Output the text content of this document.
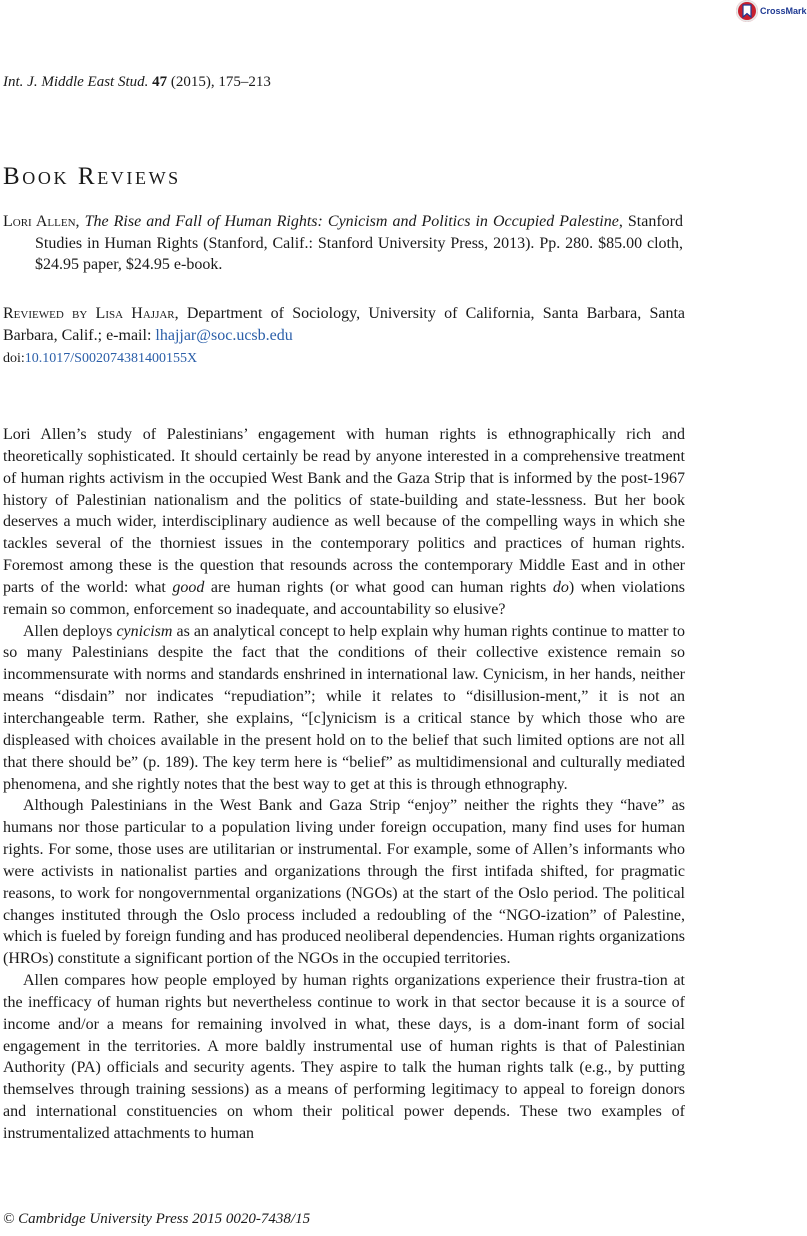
CrossMark
Int. J. Middle East Stud. 47 (2015), 175–213
Book Reviews
Lori Allen, The Rise and Fall of Human Rights: Cynicism and Politics in Occupied Palestine, Stanford Studies in Human Rights (Stanford, Calif.: Stanford University Press, 2013). Pp. 280. $85.00 cloth, $24.95 paper, $24.95 e-book.
Reviewed by Lisa Hajjar, Department of Sociology, University of California, Santa Barbara, Santa Barbara, Calif.; e-mail: lhajjar@soc.ucsb.edu
doi:10.1017/S002074381400155X

Lori Allen’s study of Palestinians’ engagement with human rights is ethnographically rich and theoretically sophisticated. It should certainly be read by anyone interested in a comprehensive treatment of human rights activism in the occupied West Bank and the Gaza Strip that is informed by the post-1967 history of Palestinian nationalism and the politics of state-building and state-lessness. But her book deserves a much wider, interdisciplinary audience as well because of the compelling ways in which she tackles several of the thorniest issues in the contemporary politics and practices of human rights. Foremost among these is the question that resounds across the contemporary Middle East and in other parts of the world: what good are human rights (or what good can human rights do) when violations remain so common, enforcement so inadequate, and accountability so elusive?

Allen deploys cynicism as an analytical concept to help explain why human rights continue to matter to so many Palestinians despite the fact that the conditions of their collective existence remain so incommensurate with norms and standards enshrined in international law. Cynicism, in her hands, neither means “disdain” nor indicates “repudiation”; while it relates to “disillusion-ment,” it is not an interchangeable term. Rather, she explains, “[c]ynicism is a critical stance by which those who are displeased with choices available in the present hold on to the belief that such limited options are not all that there should be” (p. 189). The key term here is “belief” as multidimensional and culturally mediated phenomena, and she rightly notes that the best way to get at this is through ethnography.

Although Palestinians in the West Bank and Gaza Strip “enjoy” neither the rights they “have” as humans nor those particular to a population living under foreign occupation, many find uses for human rights. For some, those uses are utilitarian or instrumental. For example, some of Allen’s informants who were activists in nationalist parties and organizations through the first intifada shifted, for pragmatic reasons, to work for nongovernmental organizations (NGOs) at the start of the Oslo period. The political changes instituted through the Oslo process included a redoubling of the “NGO-ization” of Palestine, which is fueled by foreign funding and has produced neoliberal dependencies. Human rights organizations (HROs) constitute a significant portion of the NGOs in the occupied territories.

Allen compares how people employed by human rights organizations experience their frustra-tion at the inefficacy of human rights but nevertheless continue to work in that sector because it is a source of income and/or a means for remaining involved in what, these days, is a dom-inant form of social engagement in the territories. A more baldly instrumental use of human rights is that of Palestinian Authority (PA) officials and security agents. They aspire to talk the human rights talk (e.g., by putting themselves through training sessions) as a means of performing legitimacy to appeal to foreign donors and international constituencies on whom their political power depends. These two examples of instrumentalized attachments to human

© Cambridge University Press 2015 0020-7438/15
